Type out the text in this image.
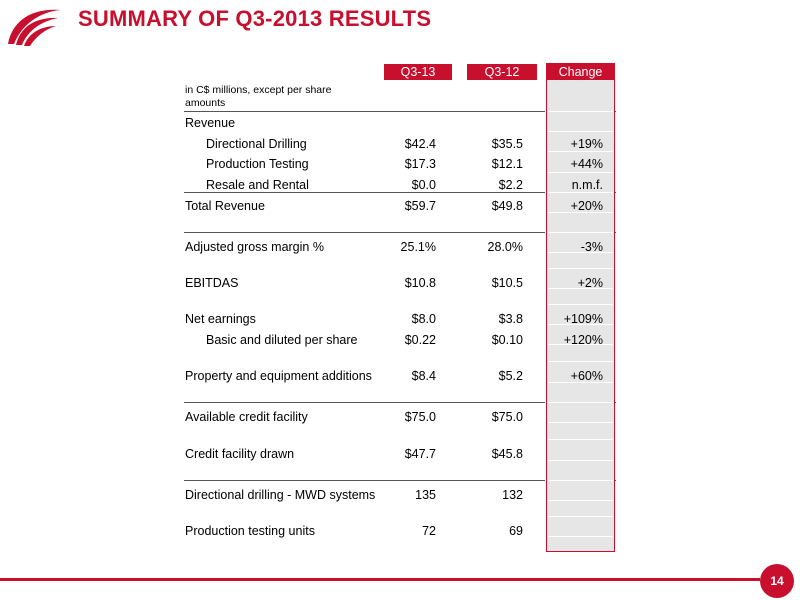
SUMMARY OF Q3-2013 RESULTS
Q3-13	Q3-12	Change
in C$ millions, except per share amounts
Revenue
Directional Drilling	$42.4	$35.5	+19%
Production Testing	$17.3	$12.1	+44%
Resale and Rental	$0.0	$2.2	n.m.f.
Total Revenue	$59.7	$49.8	+20%
Adjusted gross margin %	25.1%	28.0%	-3%
EBITDAS	$10.8	$10.5	+2%
Net earnings	$8.0	$3.8	+109%
Basic and diluted per share	$0.22	$0.10	+120%
Property and equipment additions	$8.4	$5.2	+60%
Available credit facility	$75.0	$75.0
Credit facility drawn	$47.7	$45.8
Directional drilling - MWD systems	135	132
Production testing units	72	69
14
